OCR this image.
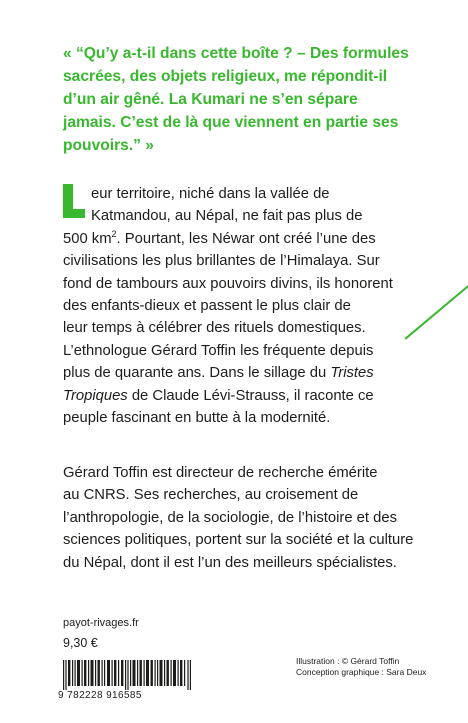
« “Qu’y a-t-il dans cette boîte ? – Des formules
sacrées, des objets religieux, me répondit-il
d’un air gêné. La Kumari ne s’en sépare
jamais. C’est de là que viennent en partie ses
pouvoirs.” »
eur territoire, niché dans la vallée de
Katmandou, au Népal, ne fait pas plus de
500 $km^2$. Pourtant, les Néwar ont créé l’une des
civilisations les plus brillantes de l’Himalaya. Sur
fond de tambours aux pouvoirs divins, ils honorent
des enfants-dieux et passent le plus clair de
leur temps à célébrer des rituels domestiques.
L’ethnologue Gérard Toffin les fréquente depuis
plus de quarante ans. Dans le sillage du Tristes
Tropiques de Claude Lévi-Strauss, il raconte ce
peuple fascinant en butte à la modernité.
Gérard Toffin est directeur de recherche émérite
au CNRS. Ses recherches, au croisement de
l’anthropologie, de la sociologie, de l’histoire et des
sciences politiques, portent sur la société et la culture
du Népal, dont il est l’un des meilleurs spécialistes.

payot-rivages.fr

9,30 €

Illustration : © Gérard Toffin
Conception graphique : Sara Deux

9 782228 916585
